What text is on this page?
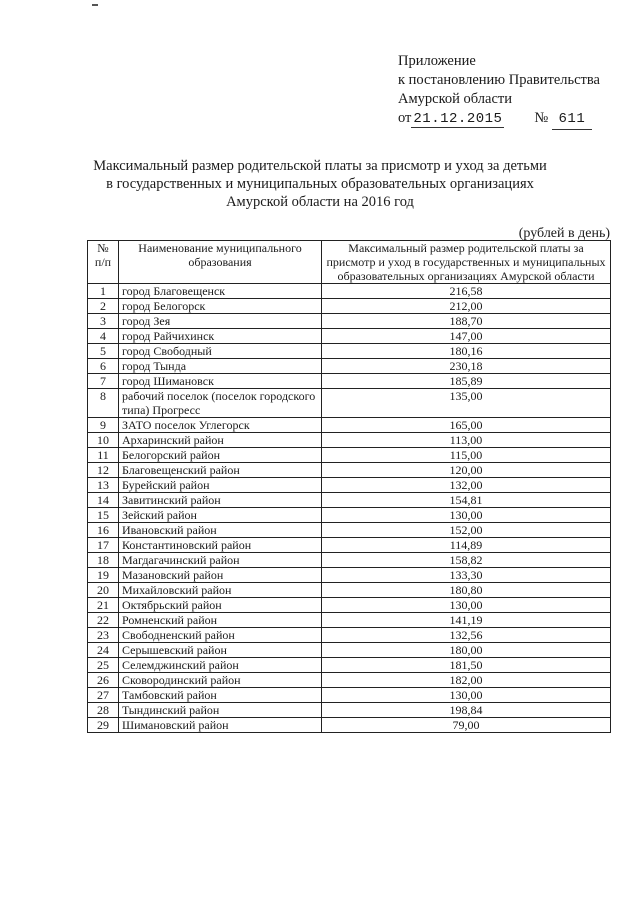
Приложение
к постановлению Правительства
Амурской области
от 21.12.2015 № 611
Максимальный размер родительской платы за присмотр и уход за детьми в государственных и муниципальных образовательных организациях Амурской области на 2016 год
(рублей в день)
№ п/п	Наименование муниципального образования	Максимальный размер родительской платы за присмотр и уход в государственных и муниципальных образовательных организациях Амурской области
1	город Благовещенск	216,58
2	город Белогорск	212,00
3	город Зея	188,70
4	город Райчихинск	147,00
5	город Свободный	180,16
6	город Тында	230,18
7	город Шимановск	185,89
8	рабочий поселок (поселок городского типа) Прогресс	135,00
9	ЗАТО поселок Углегорск	165,00
10	Архаринский район	113,00
11	Белогорский район	115,00
12	Благовещенский район	120,00
13	Бурейский район	132,00
14	Завитинский район	154,81
15	Зейский район	130,00
16	Ивановский район	152,00
17	Константиновский район	114,89
18	Магдагачинский район	158,82
19	Мазановский район	133,30
20	Михайловский район	180,80
21	Октябрьский район	130,00
22	Ромненский район	141,19
23	Свободненский район	132,56
24	Серышевский район	180,00
25	Селемджинский район	181,50
26	Сковородинский район	182,00
27	Тамбовский район	130,00
28	Тындинский район	198,84
29	Шимановский район	79,00
